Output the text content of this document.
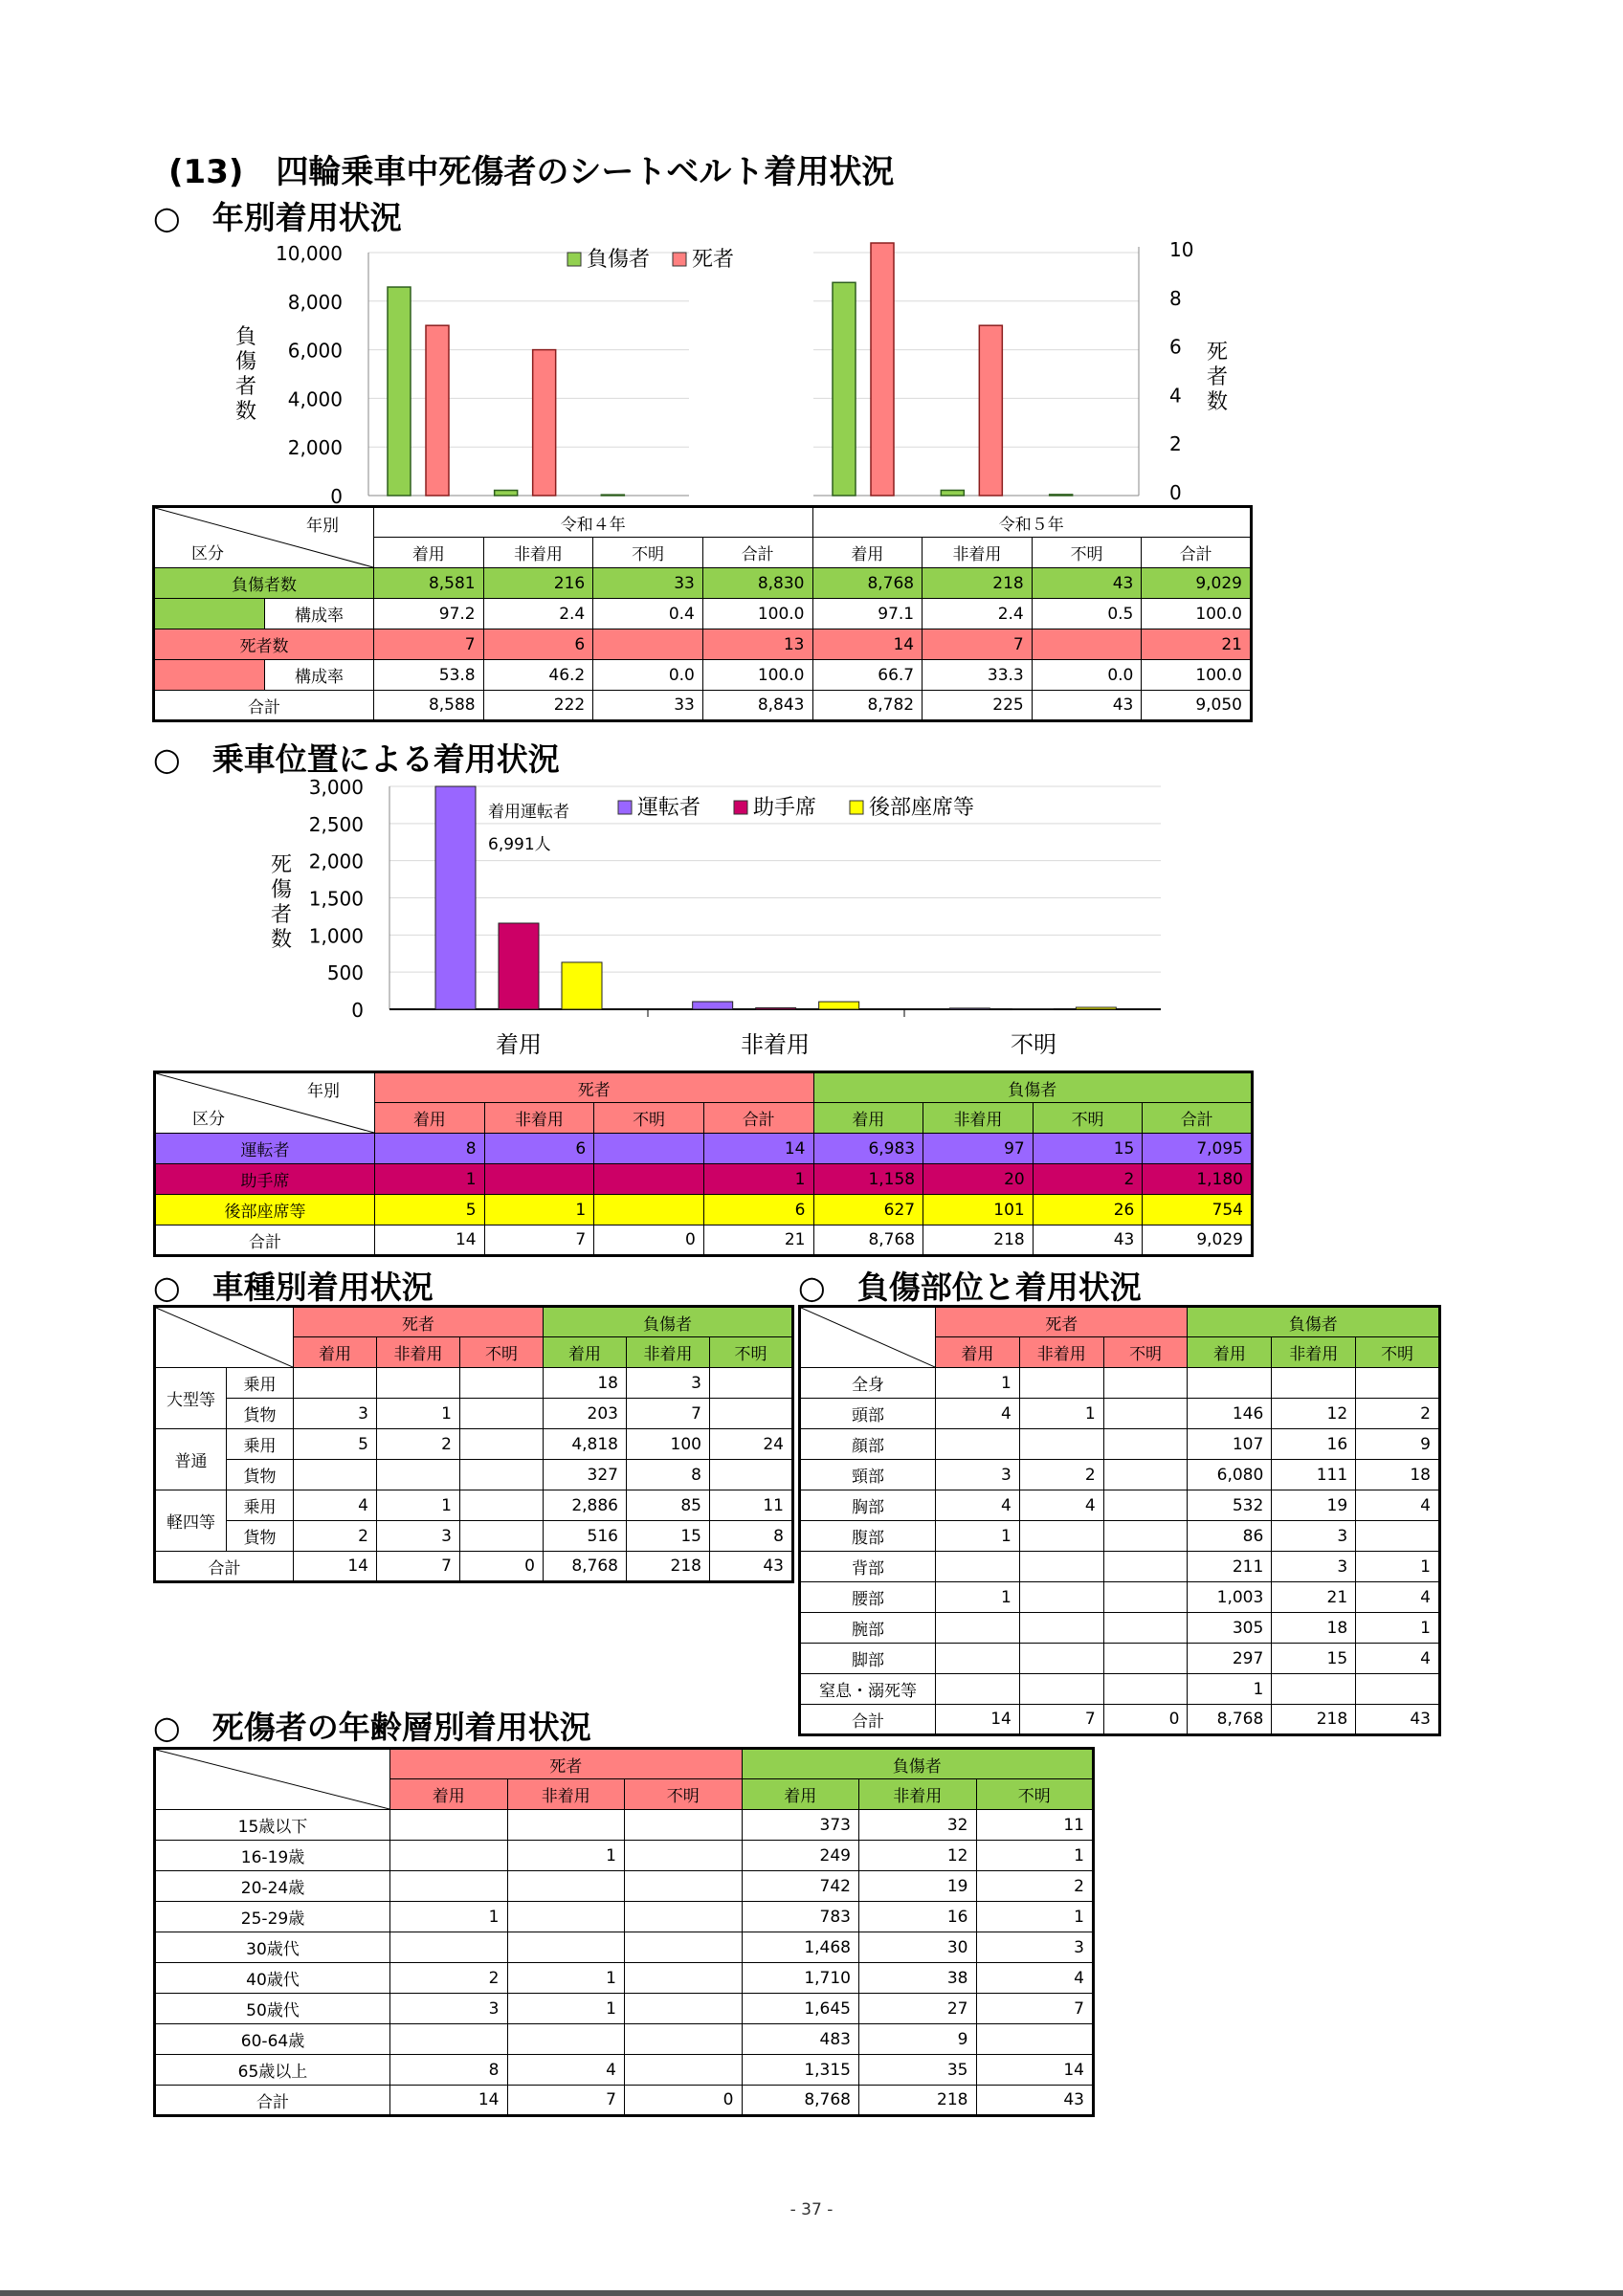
(13)　四輪乗車中死傷者のシートベルト着用状況
○　年別着用状況
10,000
8,000
6,000
4,000
2,000
0
10
8
6
4
2
0
負傷者 死者
負傷者数
死者数
年別
区分		令和４年				令和５年			
		着用	非着用	不明	合計	着用	非着用	不明	合計
負傷者数		8,581	216	33	8,830	8,768	218	43	9,029
	構成率	97.2	2.4	0.4	100.0	97.1	2.4	0.5	100.0
死者数		7	6		13	14	7		21
	構成率	53.8	46.2	0.0	100.0	66.7	33.3	0.0	100.0
合計		8,588	222	33	8,843	8,782	225	43	9,050
○　乗車位置による着用状況
3,000
2,500
2,000
1,500
1,000
500
0
着用運転者
6,991人
運転者 助手席 後部座席等
着用	非着用	不明
死傷者数
年別
区分	死者				負傷者			
	着用	非着用	不明	合計	着用	非着用	不明	合計
運転者	8	6		14	6,983	97	15	7,095
助手席	1			1	1,158	20	2	1,180
後部座席等	5	1		6	627	101	26	754
合計	14	7	0	21	8,768	218	43	9,029
○　車種別着用状況
	死者			負傷者		
		着用	非着用	不明	着用	非着用	不明
大型等	乗用				18	3	
	貨物	3	1		203	7	
普通	乗用	5	2		4,818	100	24
	貨物				327	8	
軽四等	乗用	4	1		2,886	85	11
	貨物	2	3		516	15	8
合計		14	7	0	8,768	218	43
○　負傷部位と着用状況
	死者			負傷者		
	着用	非着用	不明	着用	非着用	不明
全身	1					
頭部	4	1		146	12	2
顔部				107	16	9
頸部	3	2		6,080	111	18
胸部	4	4		532	19	4
腹部	1			86	3	
背部				211	3	1
腰部	1			1,003	21	4
腕部				305	18	1
脚部				297	15	4
窒息・溺死等				1		
合計	14	7	0	8,768	218	43
○　死傷者の年齢層別着用状況
	死者			負傷者		
	着用	非着用	不明	着用	非着用	不明
15歳以下				373	32	11
16-19歳		1		249	12	1
20-24歳				742	19	2
25-29歳	1			783	16	1
30歳代				1,468	30	3
40歳代	2	1		1,710	38	4
50歳代	3	1		1,645	27	7
60-64歳				483	9	
65歳以上	8	4		1,315	35	14
合計	14	7	0	8,768	218	43
- 37 -
